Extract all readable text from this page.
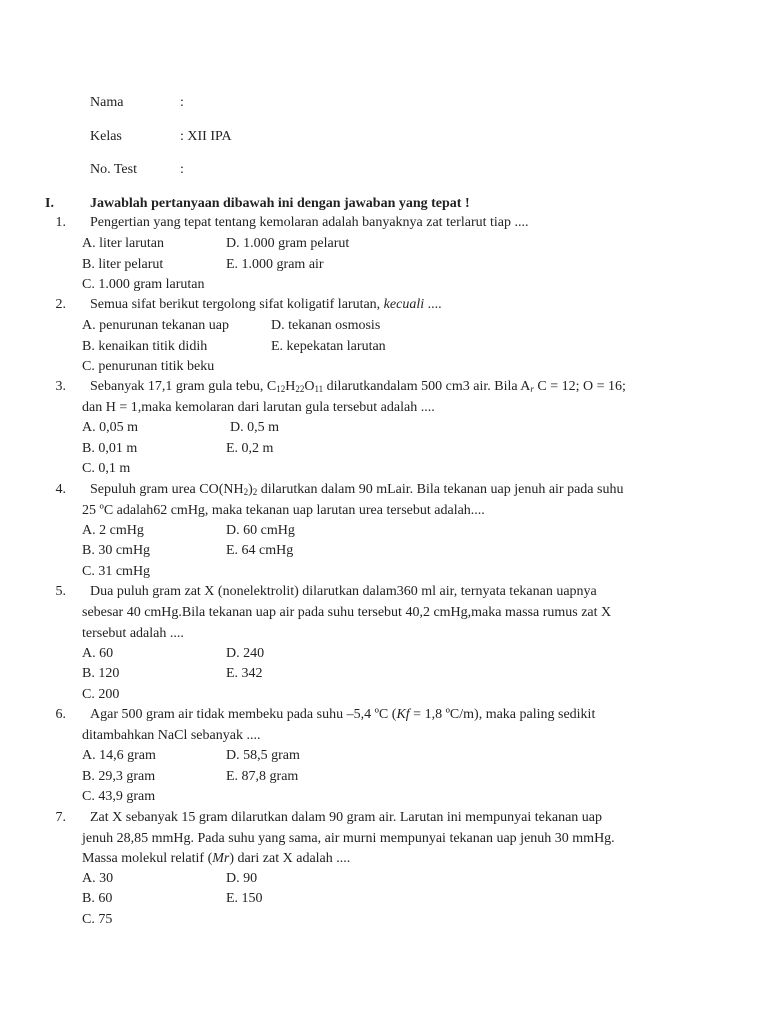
Nama	:
Kelas	: XII IPA
No. Test	:
I.	Jawablah pertanyaan dibawah ini dengan jawaban yang tepat !
1. Pengertian yang tepat tentang kemolaran adalah banyaknya zat terlarut tiap ....
A. liter larutan	D. 1.000 gram pelarut
B. liter pelarut	E. 1.000 gram air
C. 1.000 gram larutan
2. Semua sifat berikut tergolong sifat koligatif larutan, kecuali ....
A. penurunan tekanan uap	D. tekanan osmosis
B. kenaikan titik didih	E. kepekatan larutan
C. penurunan titik beku
3. Sebanyak 17,1 gram gula tebu, $C_{12}H_{22}O_{11}$ dilarutkandalam 500 cm3 air. Bila $A_r$ C = 12; O = 16;
dan H = 1,maka kemolaran dari larutan gula tersebut adalah ....
A. 0,05 m	D. 0,5 m
B. 0,01 m	E. 0,2 m
C. 0,1 m
4. Sepuluh gram urea $CO(NH_2)_2$ dilarutkan dalam 90 mLair. Bila tekanan uap jenuh air pada suhu
25 ºC adalah62 cmHg, maka tekanan uap larutan urea tersebut adalah....
A. 2 cmHg	D. 60 cmHg
B. 30 cmHg	E. 64 cmHg
C. 31 cmHg
5. Dua puluh gram zat X (nonelektrolit) dilarutkan dalam360 ml air, ternyata tekanan uapnya
sebesar 40 cmHg.Bila tekanan uap air pada suhu tersebut 40,2 cmHg,maka massa rumus zat X
tersebut adalah ....
A. 60	D. 240
B. 120	E. 342
C. 200
6. Agar 500 gram air tidak membeku pada suhu –5,4 ºC (Kf = 1,8 ºC/m), maka paling sedikit
ditambahkan NaCl sebanyak ....
A. 14,6 gram	D. 58,5 gram
B. 29,3 gram	E. 87,8 gram
C. 43,9 gram
7. Zat X sebanyak 15 gram dilarutkan dalam 90 gram air. Larutan ini mempunyai tekanan uap
jenuh 28,85 mmHg. Pada suhu yang sama, air murni mempunyai tekanan uap jenuh 30 mmHg.
Massa molekul relatif (Mr) dari zat X adalah ....
A. 30	D. 90
B. 60	E. 150
C. 75
